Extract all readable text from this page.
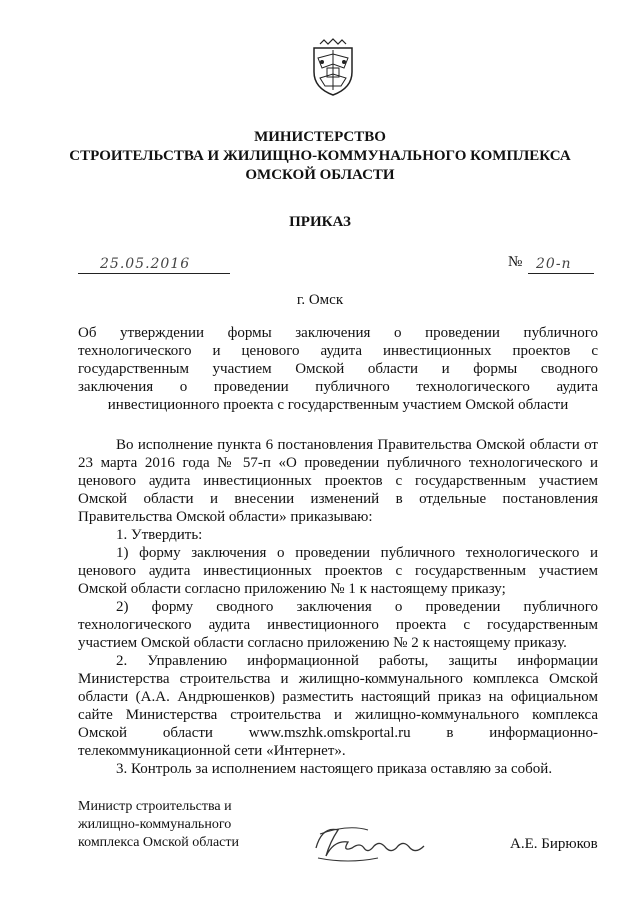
МИНИСТЕРСТВО
СТРОИТЕЛЬСТВА И ЖИЛИЩНО-КОММУНАЛЬНОГО КОМПЛЕКСА
ОМСКОЙ ОБЛАСТИ
ПРИКАЗ
25.05.2016	№ 20-п
г. Омск
Об утверждении формы заключения о проведении публичного
технологического и ценового аудита инвестиционных проектов с
государственным участием Омской области и формы сводного
заключения о проведении публичного технологического аудита
инвестиционного проекта с государственным участием Омской области
Во исполнение пункта 6 постановления Правительства Омской области от
23 марта 2016 года № 57-п «О проведении публичного технологического и
ценового аудита инвестиционных проектов с государственным участием
Омской области и внесении изменений в отдельные постановления
Правительства Омской области» приказываю:
1. Утвердить:
1) форму заключения о проведении публичного технологического и
ценового аудита инвестиционных проектов с государственным участием
Омской области согласно приложению № 1 к настоящему приказу;
2) форму сводного заключения о проведении публичного
технологического аудита инвестиционного проекта с государственным
участием Омской области согласно приложению № 2 к настоящему приказу.
2. Управлению информационной работы, защиты информации
Министерства строительства и жилищно-коммунального комплекса Омской
области (А.А. Андрюшенков) разместить настоящий приказ на официальном
сайте Министерства строительства и жилищно-коммунального комплекса
Омской области www.mszhk.omskportal.ru в информационно-
телекоммуникационной сети «Интернет».
3. Контроль за исполнением настоящего приказа оставляю за собой.
Министр строительства и
жилищно-коммунального
комплекса Омской области	А.Е. Бирюков
